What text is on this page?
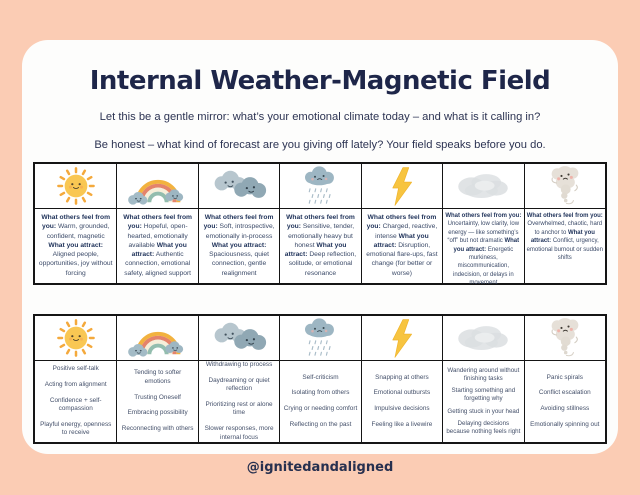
Internal Weather-Magnetic Field

Let this be a gentle mirror: what’s your emotional climate today – and what is it calling in?

Be honest – what kind of forecast are you giving off lately? Your field speaks before you do.

What others feel from you: Warm, grounded, confident, magnetic What you attract: Aligned people, opportunities, joy without forcing
What others feel from you: Hopeful, open-hearted, emotionally available What you attract: Authentic connection, emotional safety, aligned support
What others feel from you: Soft, introspective, emotionally in-process What you attract: Spaciousness, quiet connection, gentle realignment
What others feel from you: Sensitive, tender, emotionally heavy but honest What you attract: Deep reflection, solitude, or emotional resonance
What others feel from you: Charged, reactive, intense What you attract: Disruption, emotional flare-ups, fast change (for better or worse)
What others feel from you: Uncertainty, low clarity, low energy — like something’s “off” but not dramatic What you attract: Energetic murkiness, miscommunication, indecision, or delays in movement
What others feel from you: Overwhelmed, chaotic, hard to anchor to What you attract: Conflict, urgency, emotional burnout or sudden shifts
Positive self-talk
Acting from alignment
Confidence + self-compassion
Playful energy, openness to receive
Tending to softer emotions
Trusting Oneself
Embracing possibility
Reconnecting with others
Withdrawing to process
Daydreaming or quiet reflection
Prioritizing rest or alone time
Slower responses, more internal focus
Self-criticism
Isolating from others
Crying or needing comfort
Reflecting on the past
Snapping at others
Emotional outbursts
Impulsive decisions
Feeling like a livewire
Wandering around without finishing tasks
Starting something and forgetting why
Getting stuck in your head
Delaying decisions because nothing feels right
Panic spirals
Conflict escalation
Avoiding stillness
Emotionally spinning out

@ignitedandaligned
